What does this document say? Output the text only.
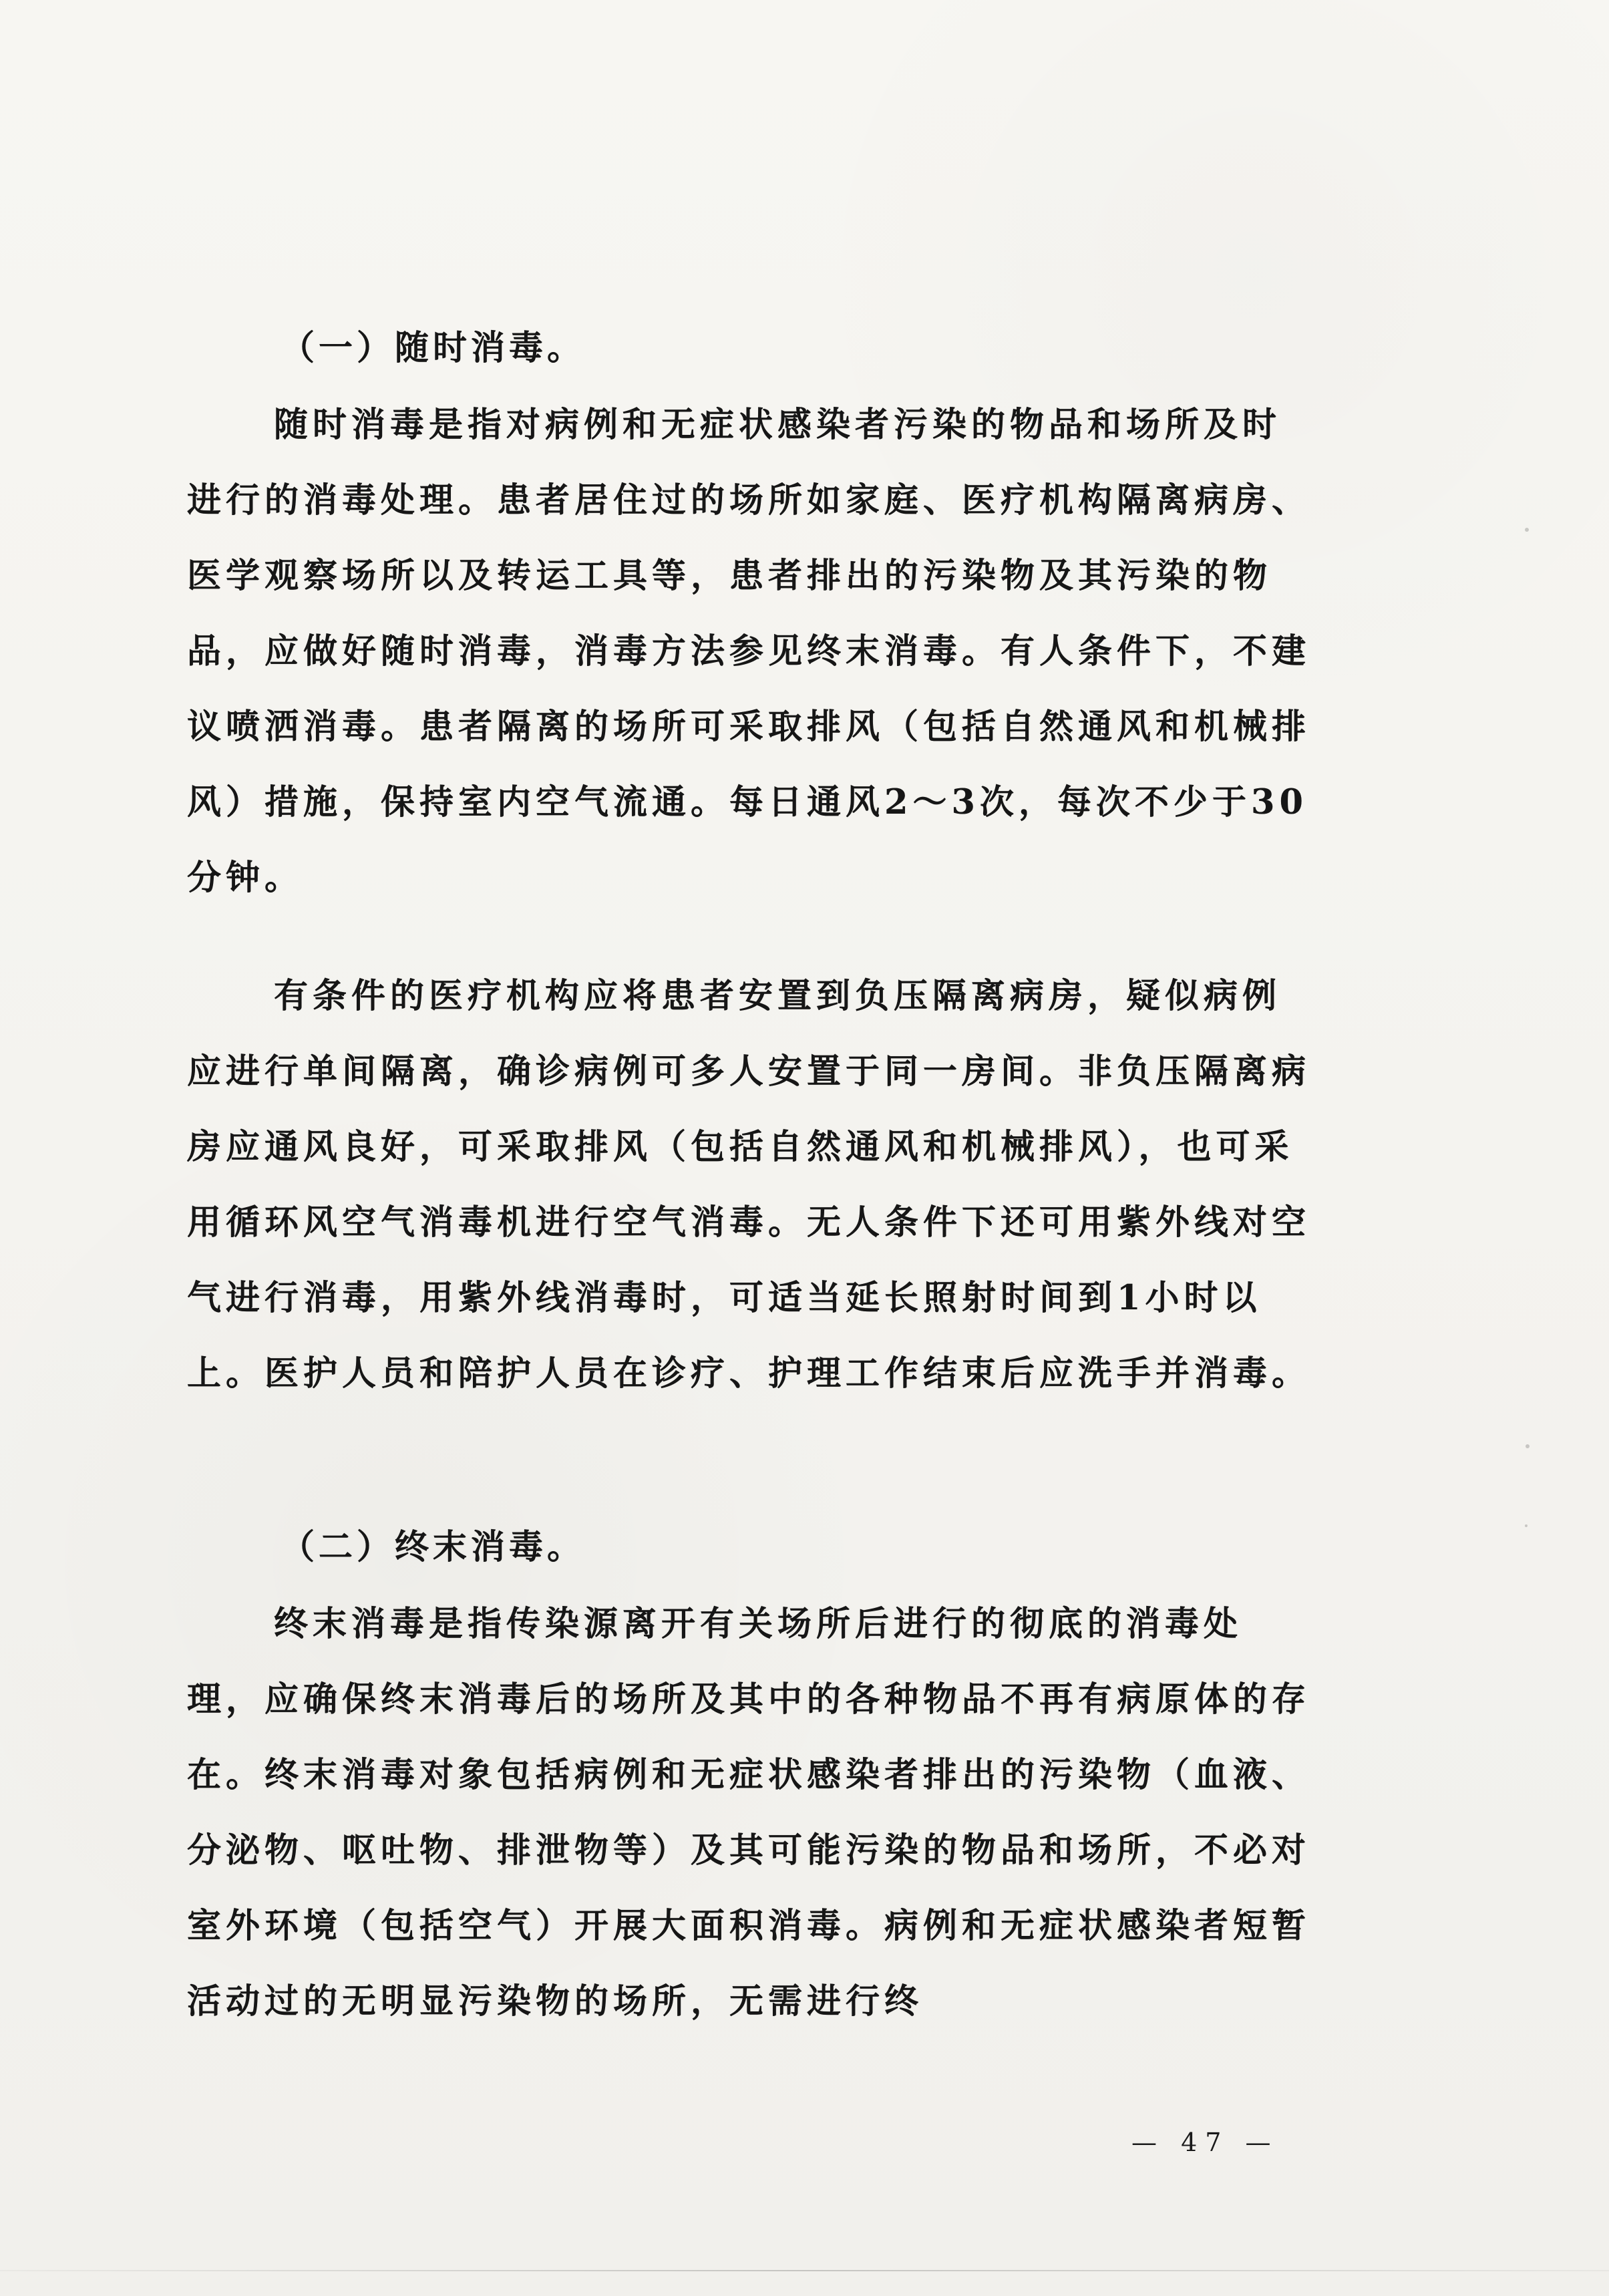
（一）随时消毒。
随时消毒是指对病例和无症状感染者污染的物品和场所及时进行的消毒处理。患者居住过的场所如家庭、医疗机构隔离病房、医学观察场所以及转运工具等，患者排出的污染物及其污染的物品，应做好随时消毒，消毒方法参见终末消毒。有人条件下，不建议喷洒消毒。患者隔离的场所可采取排风（包括自然通风和机械排风）措施，保持室内空气流通。每日通风2～3次，每次不少于30分钟。
有条件的医疗机构应将患者安置到负压隔离病房，疑似病例应进行单间隔离，确诊病例可多人安置于同一房间。非负压隔离病房应通风良好，可采取排风（包括自然通风和机械排风），也可采用循环风空气消毒机进行空气消毒。无人条件下还可用紫外线对空气进行消毒，用紫外线消毒时，可适当延长照射时间到1小时以上。医护人员和陪护人员在诊疗、护理工作结束后应洗手并消毒。
（二）终末消毒。
终末消毒是指传染源离开有关场所后进行的彻底的消毒处理，应确保终末消毒后的场所及其中的各种物品不再有病原体的存在。终末消毒对象包括病例和无症状感染者排出的污染物（血液、分泌物、呕吐物、排泄物等）及其可能污染的物品和场所，不必对室外环境（包括空气）开展大面积消毒。病例和无症状感染者短暂活动过的无明显污染物的场所，无需进行终
— 47 —
